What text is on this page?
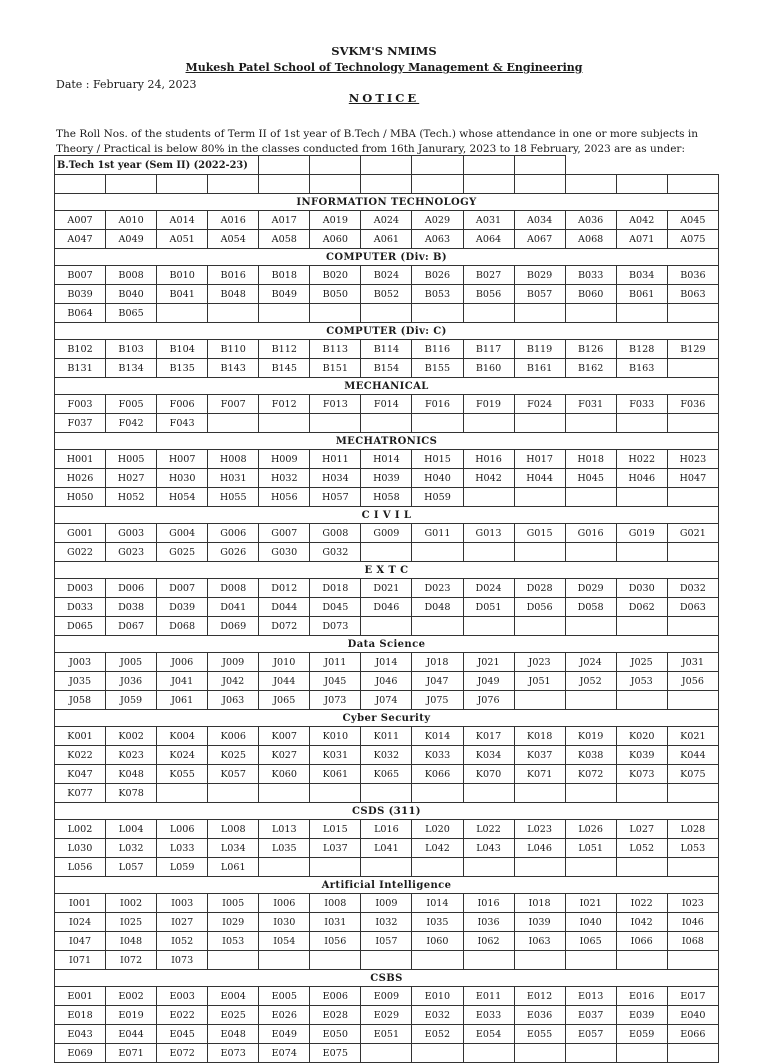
SVKM'S NMIMS
Mukesh Patel School of Technology Management & Engineering
Date : February 24, 2023
NOTICE
The Roll Nos. of the students of Term II of 1st year of B.Tech / MBA (Tech.) whose attendance in one or more subjects in Theory / Practical is below 80% in the classes conducted from 16th Janurary, 2023 to 18 February, 2023 are as under:
B.Tech 1st year (Sem II) (2022-23)												

INFORMATION TECHNOLOGY												
A007	A010	A014	A016	A017	A019	A024	A029	A031	A034	A036	A042	A045
A047	A049	A051	A054	A058	A060	A061	A063	A064	A067	A068	A071	A075
COMPUTER (Div: B)												
B007	B008	B010	B016	B018	B020	B024	B026	B027	B029	B033	B034	B036
B039	B040	B041	B048	B049	B050	B052	B053	B056	B057	B060	B061	B063
B064	B065											
COMPUTER (Div: C)												
B102	B103	B104	B110	B112	B113	B114	B116	B117	B119	B126	B128	B129
B131	B134	B135	B143	B145	B151	B154	B155	B160	B161	B162	B163	
MECHANICAL												
F003	F005	F006	F007	F012	F013	F014	F016	F019	F024	F031	F033	F036
F037	F042	F043										
MECHATRONICS												
H001	H005	H007	H008	H009	H011	H014	H015	H016	H017	H018	H022	H023
H026	H027	H030	H031	H032	H034	H039	H040	H042	H044	H045	H046	H047
H050	H052	H054	H055	H056	H057	H058	H059					
C I V I L												
G001	G003	G004	G006	G007	G008	G009	G011	G013	G015	G016	G019	G021
G022	G023	G025	G026	G030	G032							
E X T C												
D003	D006	D007	D008	D012	D018	D021	D023	D024	D028	D029	D030	D032
D033	D038	D039	D041	D044	D045	D046	D048	D051	D056	D058	D062	D063
D065	D067	D068	D069	D072	D073							
Data Science												
J003	J005	J006	J009	J010	J011	J014	J018	J021	J023	J024	J025	J031
J035	J036	J041	J042	J044	J045	J046	J047	J049	J051	J052	J053	J056
J058	J059	J061	J063	J065	J073	J074	J075	J076				
Cyber Security												
K001	K002	K004	K006	K007	K010	K011	K014	K017	K018	K019	K020	K021
K022	K023	K024	K025	K027	K031	K032	K033	K034	K037	K038	K039	K044
K047	K048	K055	K057	K060	K061	K065	K066	K070	K071	K072	K073	K075
K077	K078											
CSDS (311)												
L002	L004	L006	L008	L013	L015	L016	L020	L022	L023	L026	L027	L028
L030	L032	L033	L034	L035	L037	L041	L042	L043	L046	L051	L052	L053
L056	L057	L059	L061									
Artificial Intelligence												
I001	I002	I003	I005	I006	I008	I009	I014	I016	I018	I021	I022	I023
I024	I025	I027	I029	I030	I031	I032	I035	I036	I039	I040	I042	I046
I047	I048	I052	I053	I054	I056	I057	I060	I062	I063	I065	I066	I068
I071	I072	I073										
CSBS												
E001	E002	E003	E004	E005	E006	E009	E010	E011	E012	E013	E016	E017
E018	E019	E022	E025	E026	E028	E029	E032	E033	E036	E037	E039	E040
E043	E044	E045	E048	E049	E050	E051	E052	E054	E055	E057	E059	E066
E069	E071	E072	E073	E074	E075							
